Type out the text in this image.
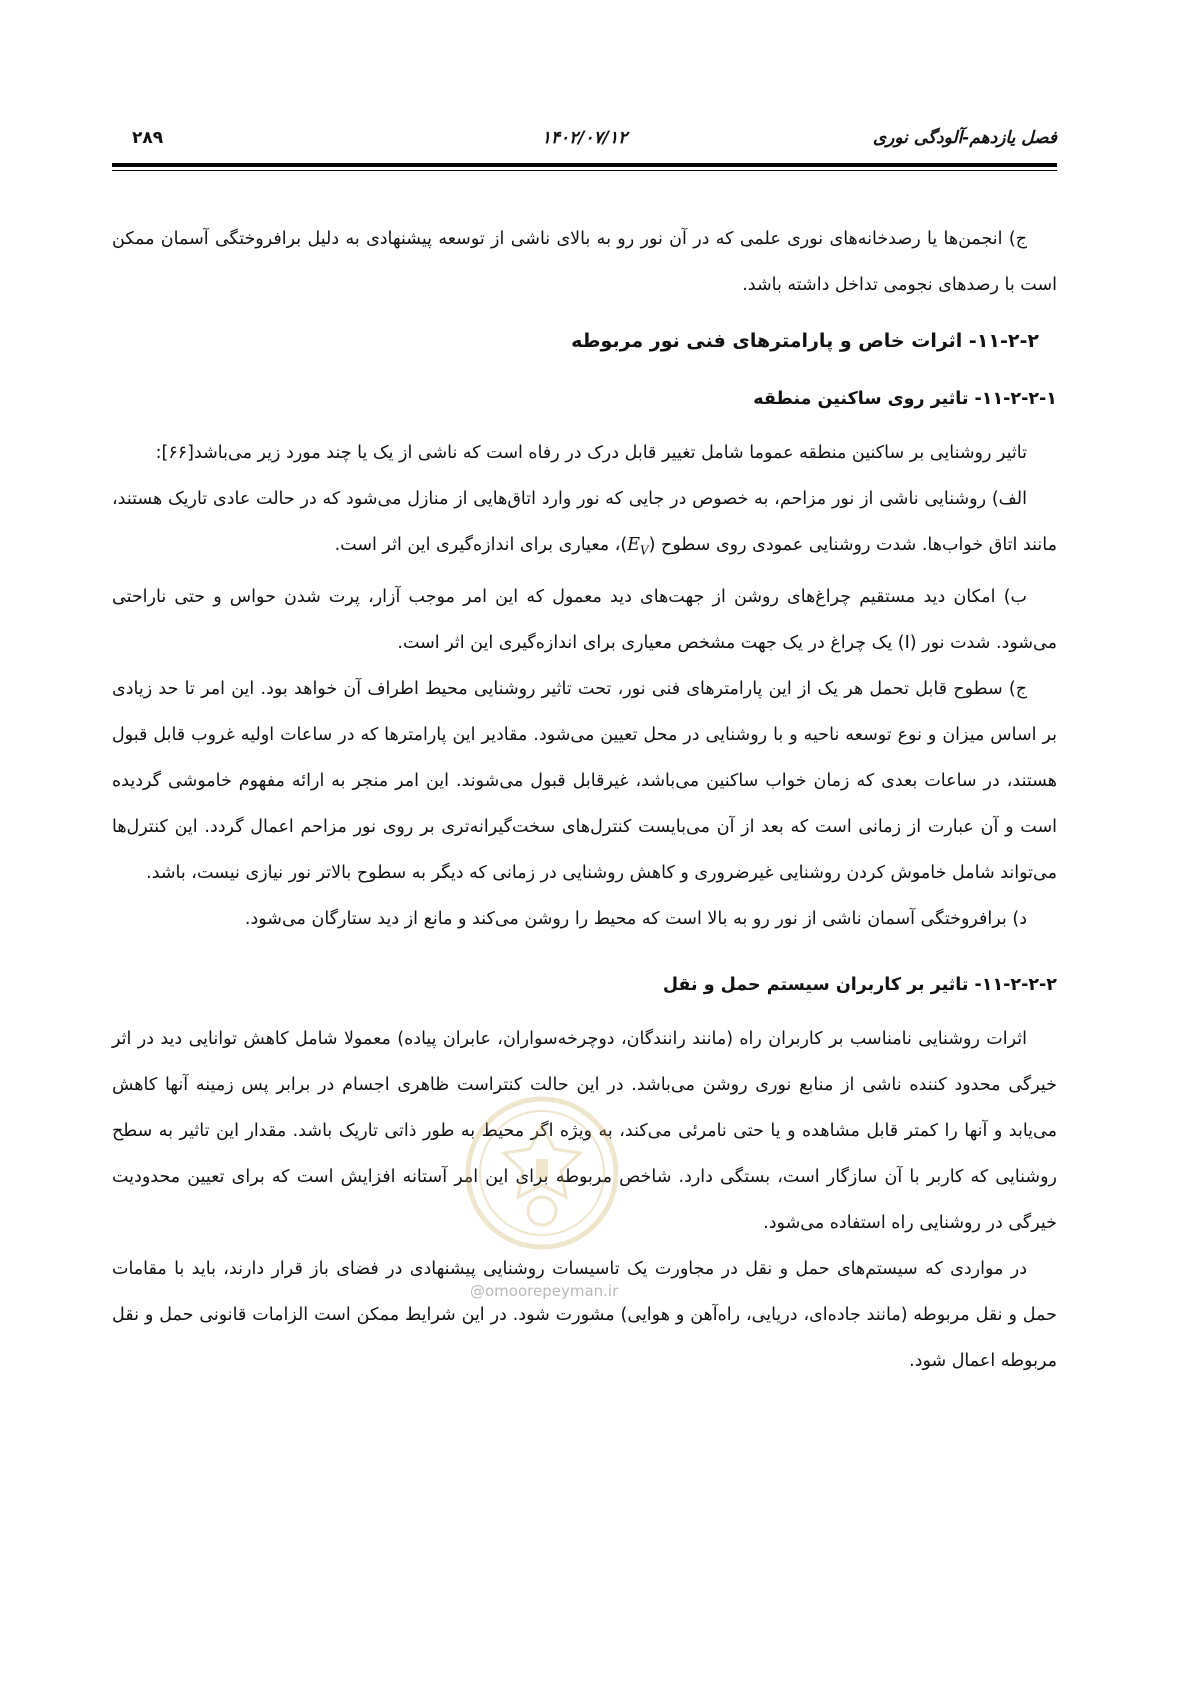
فصل یازدهم-آلودگی نوری
۱۴۰۲/۰۷/۱۲
۲۸۹

ج) انجمن‌ها یا رصدخانه‌های نوری علمی که در آن نور رو به بالای ناشی از توسعه پیشنهادی به دلیل برافروختگی آسمان ممکن است با رصدهای نجومی تداخل داشته باشد.

۱۱-۲-۲- اثرات خاص و پارامترهای فنی نور مربوطه

۱۱-۲-۲-۱- تاثیر روی ساکنین منطقه

تاثیر روشنایی بر ساکنین منطقه عموما شامل تغییر قابل درک در رفاه است که ناشی از یک یا چند مورد زیر می‌باشد[۶۶]:

الف) روشنایی ناشی از نور مزاحم، به خصوص در جایی که نور وارد اتاق‌هایی از منازل می‌شود که در حالت عادی تاریک هستند، مانند اتاق خواب‌ها. شدت روشنایی عمودی روی سطوح $(E_V)،$ معیاری برای اندازه‌گیری این اثر است.

ب) امکان دید مستقیم چراغ‌های روشن از جهت‌های دید معمول که این امر موجب آزار، پرت شدن حواس و حتی ناراحتی می‌شود. شدت نور (I) یک چراغ در یک جهت مشخص معیاری برای اندازه‌گیری این اثر است.

ج) سطوح قابل تحمل هر یک از این پارامترهای فنی نور، تحت تاثیر روشنایی محیط اطراف آن خواهد بود. این امر تا حد زیادی بر اساس میزان و نوع توسعه ناحیه و با روشنایی در محل تعیین می‌شود. مقادیر این پارامترها که در ساعات اولیه غروب قابل قبول هستند، در ساعات بعدی که زمان خواب ساکنین می‌باشد، غیرقابل قبول می‌شوند. این امر منجر به ارائه مفهوم خاموشی گردیده است و آن عبارت از زمانی است که بعد از آن می‌بایست کنترل‌های سخت‌گیرانه‌تری بر روی نور مزاحم اعمال گردد. این کنترل‌ها می‌تواند شامل خاموش کردن روشنایی غیرضروری و کاهش روشنایی در زمانی که دیگر به سطوح بالاتر نور نیازی نیست، باشد.

د) برافروختگی آسمان ناشی از نور رو به بالا است که محیط را روشن می‌کند و مانع از دید ستارگان می‌شود.

۱۱-۲-۲-۲- تاثیر بر کاربران سیستم حمل و نقل

اثرات روشنایی نامناسب بر کاربران راه (مانند رانندگان، دوچرخه‌سواران، عابران پیاده) معمولا شامل کاهش توانایی دید در اثر خیرگی محدود کننده ناشی از منابع نوری روشن می‌باشد. در این حالت کنتراست ظاهری اجسام در برابر پس زمینه آنها کاهش می‌یابد و آنها را کمتر قابل مشاهده و یا حتی نامرئی می‌کند، به ویژه اگر محیط به طور ذاتی تاریک باشد. مقدار این تاثیر به سطح روشنایی که کاربر با آن سازگار است، بستگی دارد. شاخص مربوطه برای این امر آستانه افزایش است که برای تعیین محدودیت خیرگی در روشنایی راه استفاده می‌شود.

در مواردی که سیستم‌های حمل و نقل در مجاورت یک تاسیسات روشنایی پیشنهادی در فضای باز قرار دارند، باید با مقامات حمل و نقل مربوطه (مانند جاده‌ای، دریایی، راه‌آهن و هوایی) مشورت شود. در این شرایط ممکن است الزامات قانونی حمل و نقل مربوطه اعمال شود.

@omoorepeyman.ir
